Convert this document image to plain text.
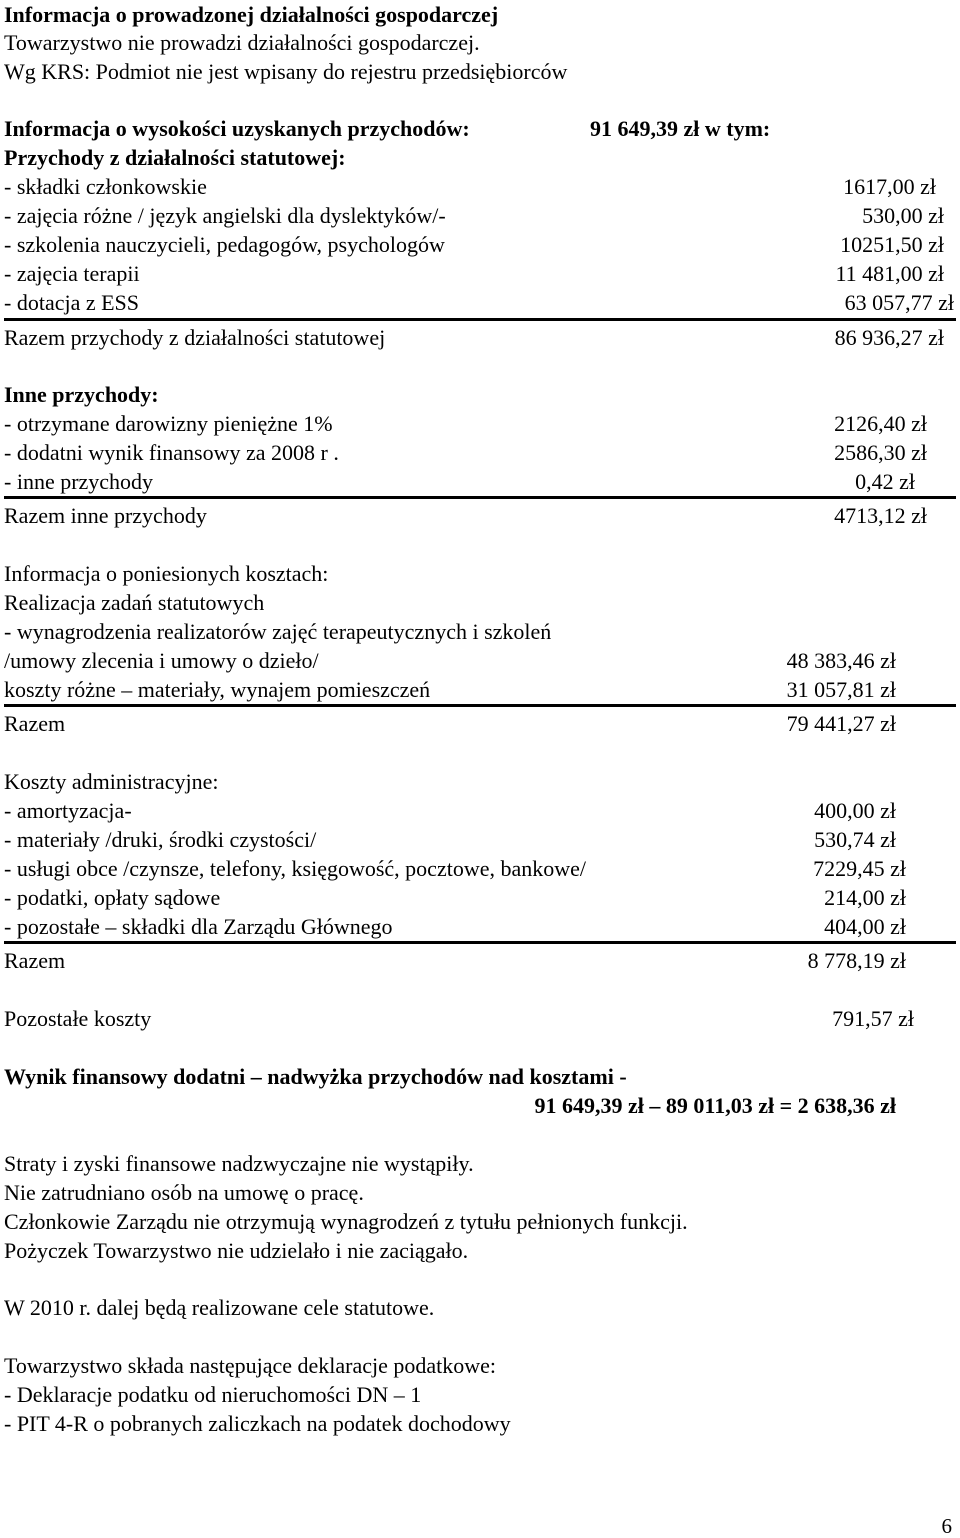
Informacja o prowadzonej działalności gospodarczej
Towarzystwo nie prowadzi działalności gospodarczej.
Wg KRS: Podmiot nie jest wpisany do rejestru przedsiębiorców
Informacja o wysokości uzyskanych przychodów:	91 649,39 zł w tym:
Przychody z działalności statutowej:
- składki członkowskie	1617,00 zł
- zajęcia różne / język angielski dla dyslektyków/-	530,00 zł
- szkolenia nauczycieli, pedagogów, psychologów	10251,50 zł
- zajęcia terapii	11 481,00 zł
- dotacja z ESS	63 057,77 zł
Razem przychody z działalności statutowej	86 936,27 zł
Inne przychody:
- otrzymane darowizny pieniężne 1%	2126,40 zł
- dodatni wynik finansowy za 2008 r .	2586,30 zł
- inne przychody	0,42 zł
Razem inne przychody	4713,12 zł
Informacja o poniesionych kosztach:
Realizacja zadań statutowych
- wynagrodzenia realizatorów zajęć terapeutycznych i szkoleń
/umowy zlecenia i umowy o dzieło/	48 383,46 zł
koszty różne – materiały, wynajem pomieszczeń	31 057,81 zł
Razem	79 441,27 zł
Koszty administracyjne:
- amortyzacja-	400,00 zł
- materiały /druki, środki czystości/	530,74 zł
- usługi obce /czynsze, telefony, księgowość, pocztowe, bankowe/	7229,45 zł
- podatki, opłaty sądowe	214,00 zł
- pozostałe – składki dla Zarządu Głównego	404,00 zł
Razem	8 778,19 zł
Pozostałe koszty	791,57 zł
Wynik finansowy dodatni – nadwyżka przychodów nad kosztami -
91 649,39 zł – 89 011,03 zł = 2 638,36 zł
Straty i zyski finansowe nadzwyczajne nie wystąpiły.
Nie zatrudniano osób na umowę o pracę.
Członkowie Zarządu nie otrzymują wynagrodzeń z tytułu pełnionych funkcji.
Pożyczek Towarzystwo nie udzielało i nie zaciągało.
W 2010 r. dalej będą realizowane cele statutowe.
Towarzystwo składa następujące deklaracje podatkowe:
- Deklaracje podatku od nieruchomości DN – 1
- PIT 4-R o pobranych zaliczkach na podatek dochodowy
6
